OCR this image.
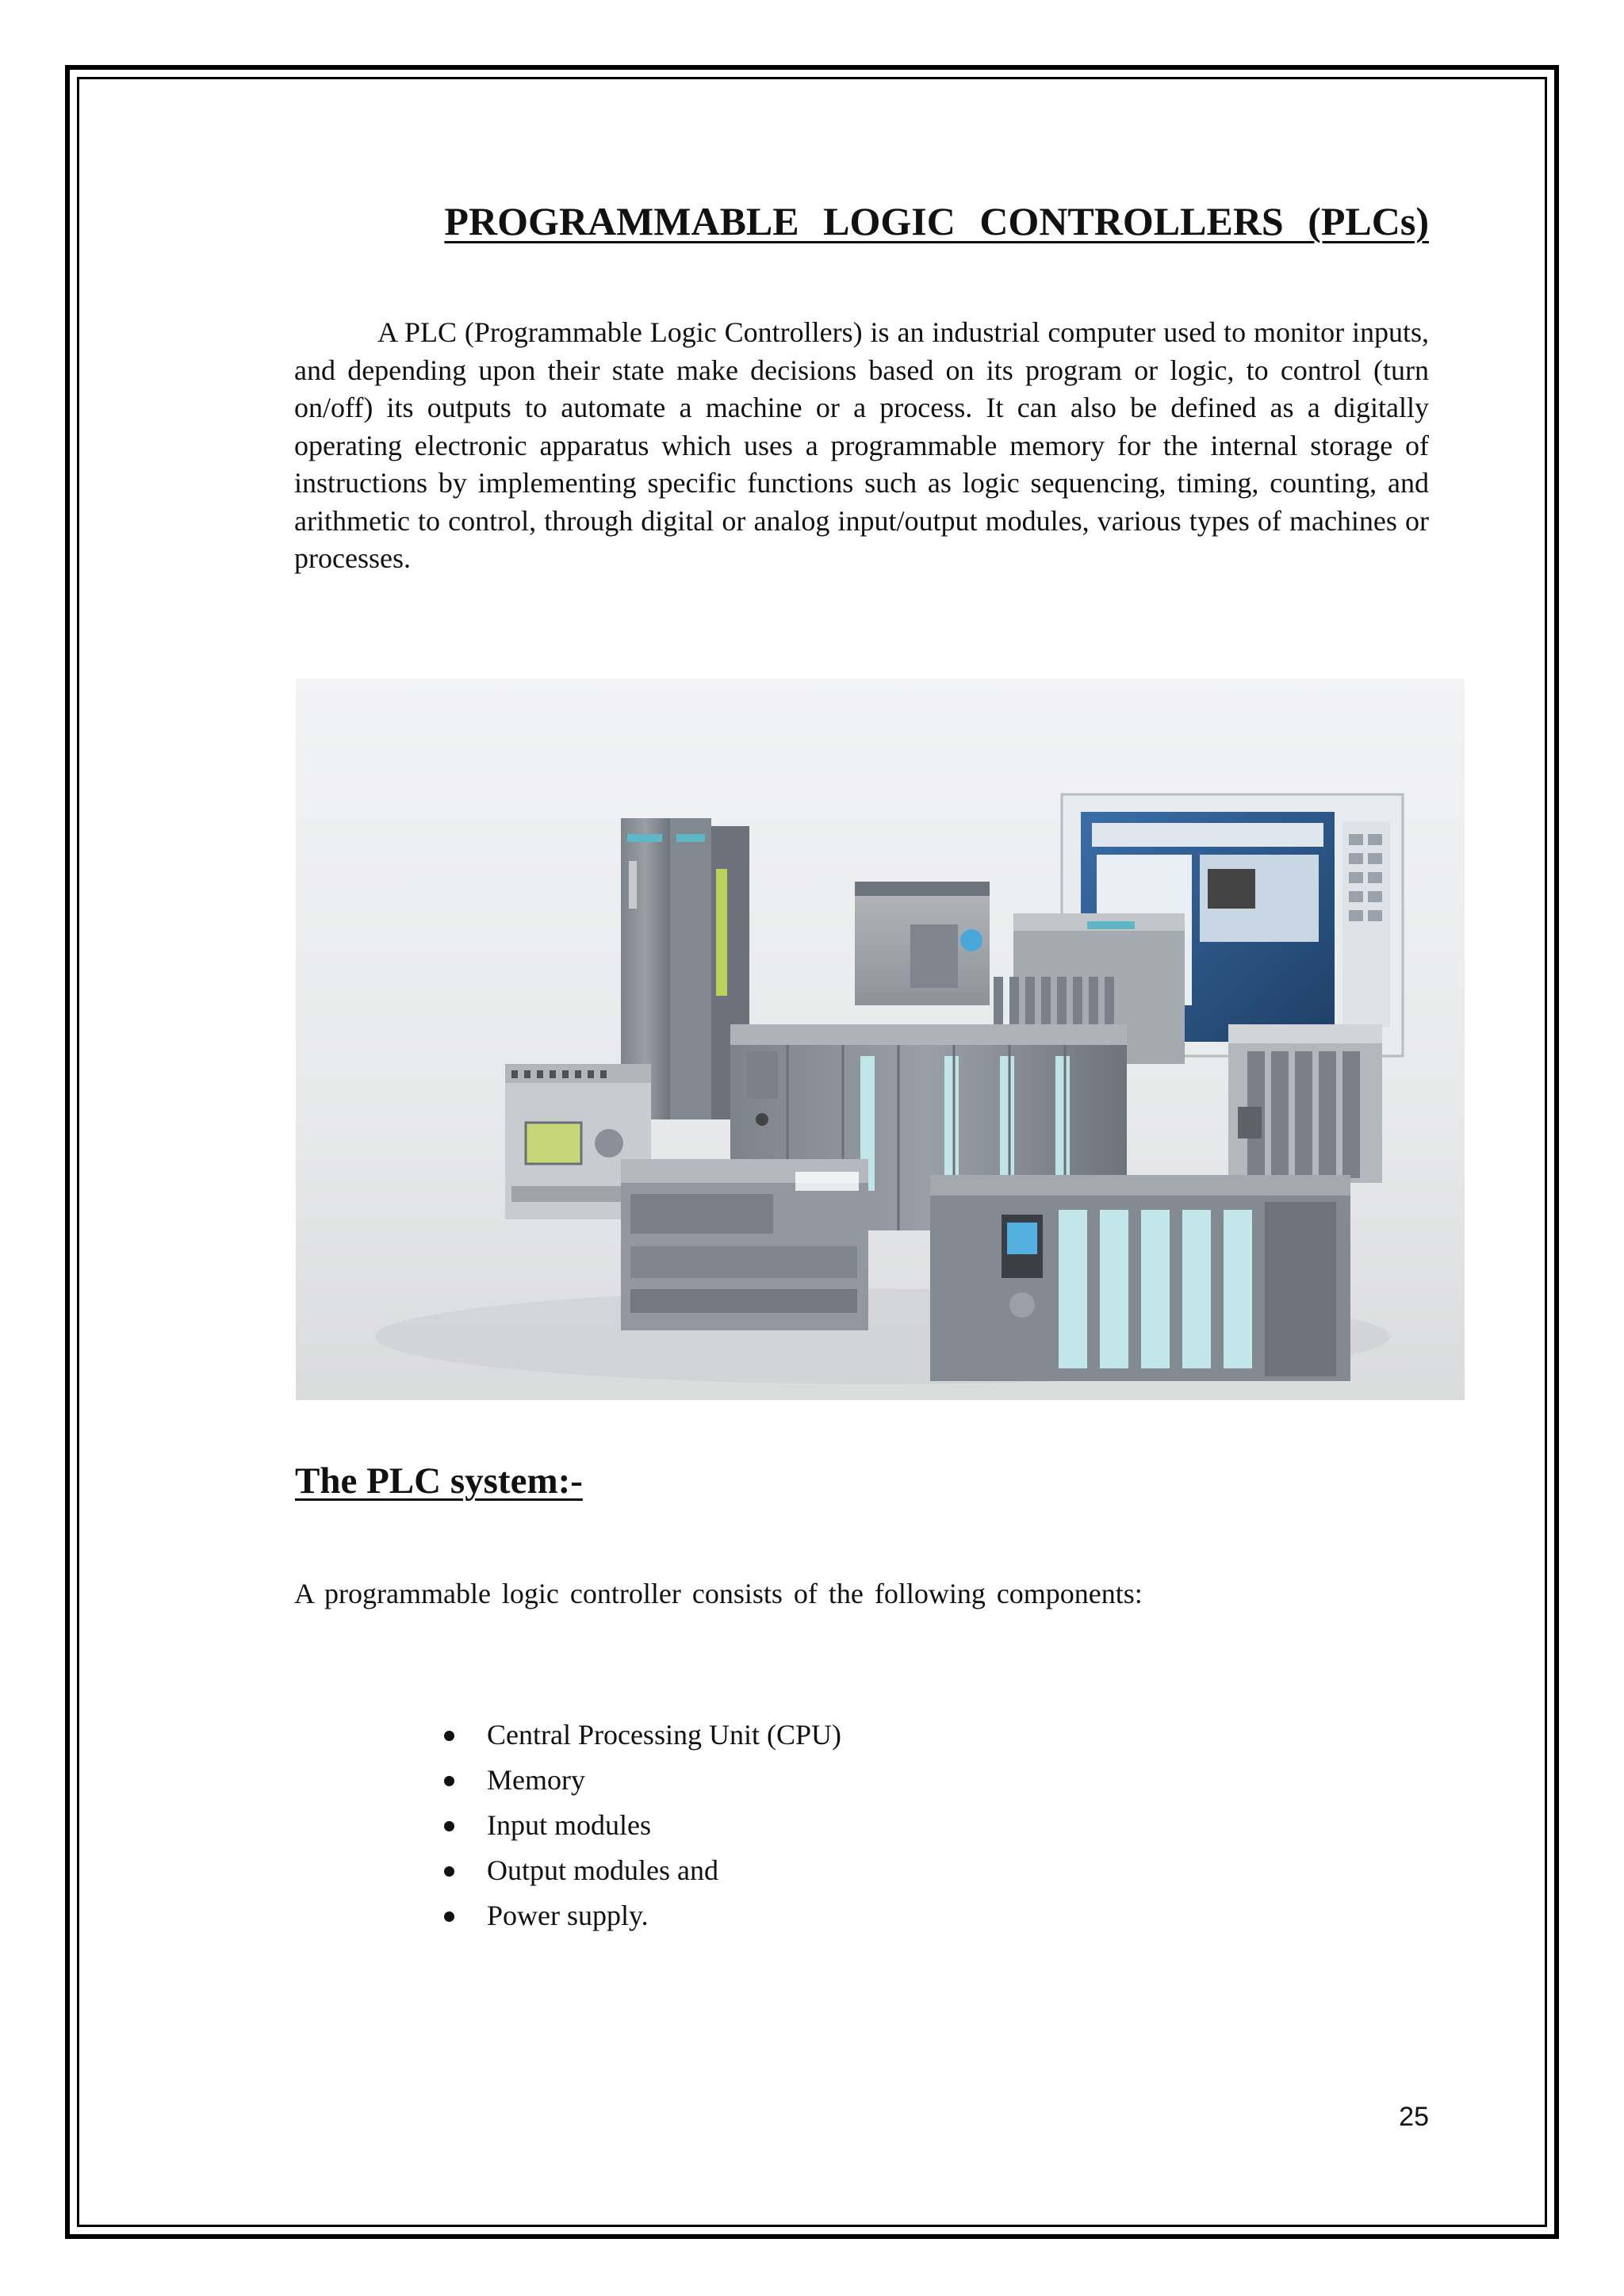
PROGRAMMABLE LOGIC CONTROLLERS (PLCs)

A PLC (Programmable Logic Controllers) is an industrial computer used to monitor inputs, and depending upon their state make decisions based on its program or logic, to control (turn on/off) its outputs to automate a machine or a process. It can also be defined as a digitally operating electronic apparatus which uses a programmable memory for the internal storage of instructions by implementing specific functions such as logic sequencing, timing, counting, and arithmetic to control, through digital or analog input/output modules, various types of machines or processes.

The PLC system:-

A programmable logic controller consists of the following components:

Central Processing Unit (CPU)
Memory
Input modules
Output modules and
Power supply.

25
